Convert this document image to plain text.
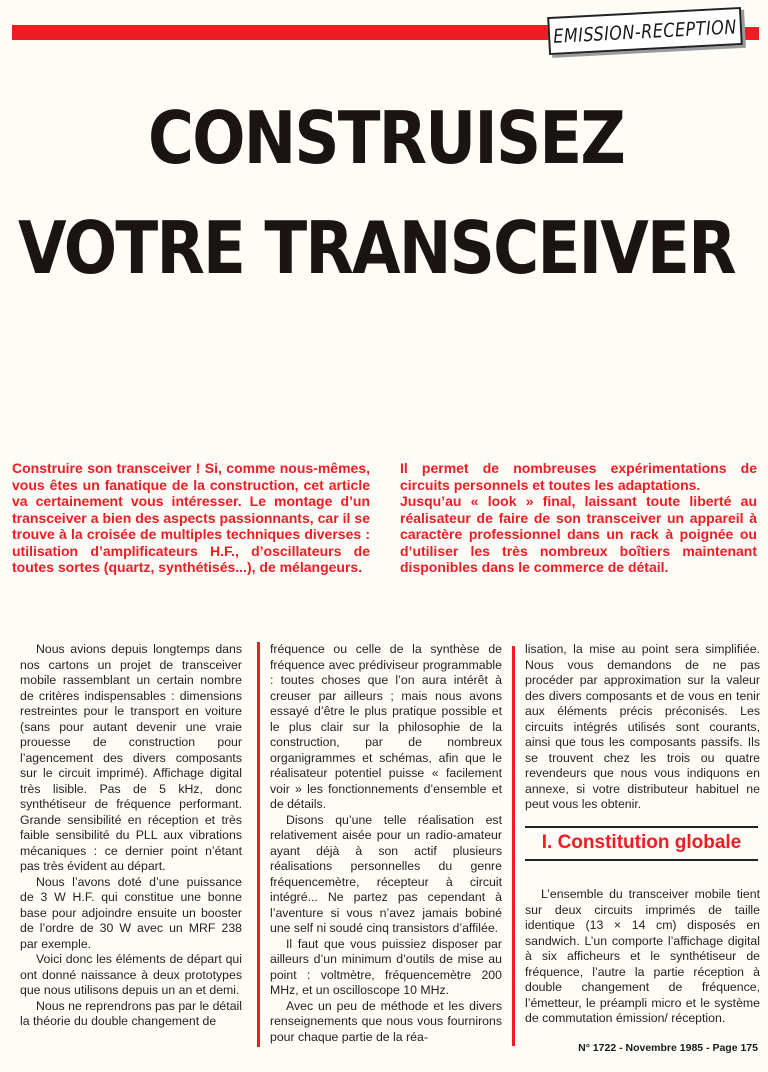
EMISSION-RECEPTION
CONSTRUISEZ
VOTRE TRANSCEIVER

Construire son transceiver ! Si, comme nous-mêmes, vous êtes un fanatique de la construction, cet article va certainement vous intéresser. Le montage d’un transceiver a bien des aspects passionnants, car il se trouve à la croisée de multiples techniques diverses : utilisation d’amplificateurs H.F., d’oscillateurs de toutes sortes (quartz, synthétisés...), de mélangeurs.

Il permet de nombreuses expérimentations de circuits personnels et toutes les adaptations.

Jusqu’au « look » final, laissant toute liberté au réalisateur de faire de son transceiver un appareil à caractère professionnel dans un rack à poignée ou d’utiliser les très nombreux boîtiers maintenant disponibles dans le commerce de détail.

Nous avions depuis longtemps dans nos cartons un projet de transceiver mobile rassemblant un certain nombre de critères indispensables : dimensions restreintes pour le transport en voiture (sans pour autant devenir une vraie prouesse de construction pour l’agencement des divers composants sur le circuit imprimé). Affichage digital très lisible. Pas de 5 kHz, donc synthétiseur de fréquence performant. Grande sensibilité en réception et très faible sensibilité du PLL aux vibrations mécaniques : ce dernier point n’étant pas très évident au départ.

Nous l’avons doté d’une puissance de 3 W H.F. qui constitue une bonne base pour adjoindre ensuite un booster de l’ordre de 30 W avec un MRF 238 par exemple.

Voici donc les éléments de départ qui ont donné naissance à deux prototypes que nous utilisons depuis un an et demi.

Nous ne reprendrons pas par le détail la théorie du double changement de

fréquence ou celle de la synthèse de fréquence avec prédiviseur programmable : toutes choses que l’on aura intérêt à creuser par ailleurs ; mais nous avons essayé d’être le plus pratique possible et le plus clair sur la philosophie de la construction, par de nombreux organigrammes et schémas, afin que le réalisateur potentiel puisse « facilement voir » les fonctionnements d’ensemble et de détails.

Disons qu’une telle réalisation est relativement aisée pour un radio-amateur ayant déjà à son actif plusieurs réalisations personnelles du genre fréquencemètre, récepteur à circuit intégré... Ne partez pas cependant à l’aventure si vous n’avez jamais bobiné une self ni soudé cinq transistors d’affilée.

Il faut que vous puissiez disposer par ailleurs d’un minimum d’outils de mise au point : voltmètre, fréquencemètre 200 MHz, et un oscilloscope 10 MHz.

Avec un peu de méthode et les divers renseignements que nous vous fournirons pour chaque partie de la réa-

lisation, la mise au point sera simplifiée. Nous vous demandons de ne pas procéder par approximation sur la valeur des divers composants et de vous en tenir aux éléments précis préconisés. Les circuits intégrés utilisés sont courants, ainsi que tous les composants passifs. Ils se trouvent chez les trois ou quatre revendeurs que nous vous indiquons en annexe, si votre distributeur habituel ne peut vous les obtenir.

I. Constitution globale

L’ensemble du transceiver mobile tient sur deux circuits imprimés de taille identique (13 × 14 cm) disposés en sandwich. L’un comporte l’affichage digital à six afficheurs et le synthétiseur de fréquence, l’autre la partie réception à double changement de fréquence, l’émetteur, le préampli micro et le système de commutation émission/ réception.

N° 1722 - Novembre 1985 - Page 175
